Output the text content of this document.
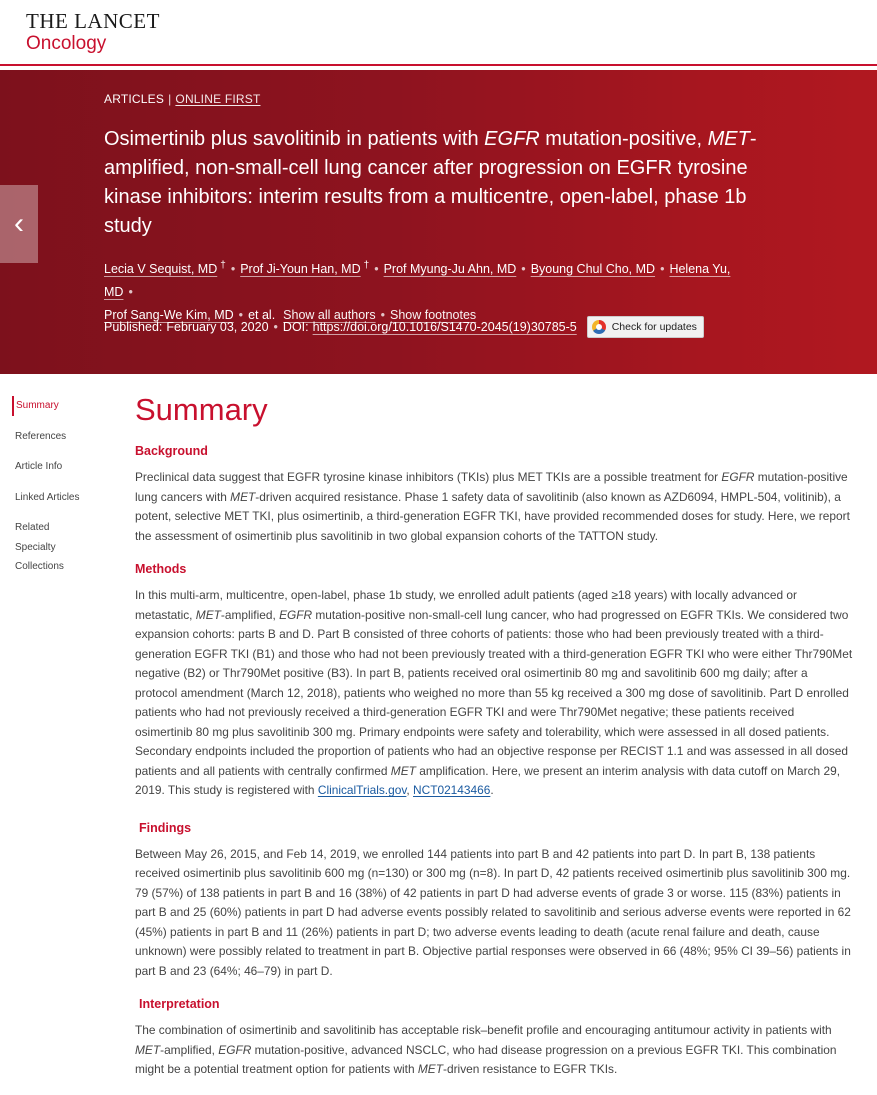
THE LANCET
Oncology
ARTICLES | ONLINE FIRST
Osimertinib plus savolitinib in patients with EGFR mutation-positive, MET-amplified, non-small-cell lung cancer after progression on EGFR tyrosine kinase inhibitors: interim results from a multicentre, open-label, phase 1b study
Lecia V Sequist, MD † • Prof Ji-Youn Han, MD † • Prof Myung-Ju Ahn, MD • Byoung Chul Cho, MD • Helena Yu, MD •
Prof Sang-We Kim, MD • et al. Show all authors • Show footnotes
Published: February 03, 2020 • DOI: https://doi.org/10.1016/S1470-2045(19)30785-5	Check for updates
‹
Summary
References
Article Info
Linked Articles
Related
Specialty
Collections
Summary
Background

Preclinical data suggest that EGFR tyrosine kinase inhibitors (TKIs) plus MET TKIs are a possible treatment for EGFR mutation-positive lung cancers with MET-driven acquired resistance. Phase 1 safety data of savolitinib (also known as AZD6094, HMPL-504, volitinib), a potent, selective MET TKI, plus osimertinib, a third-generation EGFR TKI, have provided recommended doses for study. Here, we report the assessment of osimertinib plus savolitinib in two global expansion cohorts of the TATTON study.

Methods

In this multi-arm, multicentre, open-label, phase 1b study, we enrolled adult patients (aged ≥18 years) with locally advanced or metastatic, MET-amplified, EGFR mutation-positive non-small-cell lung cancer, who had progressed on EGFR TKIs. We considered two expansion cohorts: parts B and D. Part B consisted of three cohorts of patients: those who had been previously treated with a third-generation EGFR TKI (B1) and those who had not been previously treated with a third-generation EGFR TKI who were either Thr790Met negative (B2) or Thr790Met positive (B3). In part B, patients received oral osimertinib 80 mg and savolitinib 600 mg daily; after a protocol amendment (March 12, 2018), patients who weighed no more than 55 kg received a 300 mg dose of savolitinib. Part D enrolled patients who had not previously received a third-generation EGFR TKI and were Thr790Met negative; these patients received osimertinib 80 mg plus savolitinib 300 mg. Primary endpoints were safety and tolerability, which were assessed in all dosed patients. Secondary endpoints included the proportion of patients who had an objective response per RECIST 1.1 and was assessed in all dosed patients and all patients with centrally confirmed MET amplification. Here, we present an interim analysis with data cutoff on March 29, 2019. This study is registered with ClinicalTrials.gov, NCT02143466.

Findings

Between May 26, 2015, and Feb 14, 2019, we enrolled 144 patients into part B and 42 patients into part D. In part B, 138 patients received osimertinib plus savolitinib 600 mg (n=130) or 300 mg (n=8). In part D, 42 patients received osimertinib plus savolitinib 300 mg. 79 (57%) of 138 patients in part B and 16 (38%) of 42 patients in part D had adverse events of grade 3 or worse. 115 (83%) patients in part B and 25 (60%) patients in part D had adverse events possibly related to savolitinib and serious adverse events were reported in 62 (45%) patients in part B and 11 (26%) patients in part D; two adverse events leading to death (acute renal failure and death, cause unknown) were possibly related to treatment in part B. Objective partial responses were observed in 66 (48%; 95% CI 39–56) patients in part B and 23 (64%; 46–79) in part D.

Interpretation

The combination of osimertinib and savolitinib has acceptable risk–benefit profile and encouraging antitumour activity in patients with MET-amplified, EGFR mutation-positive, advanced NSCLC, who had disease progression on a previous EGFR TKI. This combination might be a potential treatment option for patients with MET-driven resistance to EGFR TKIs.
